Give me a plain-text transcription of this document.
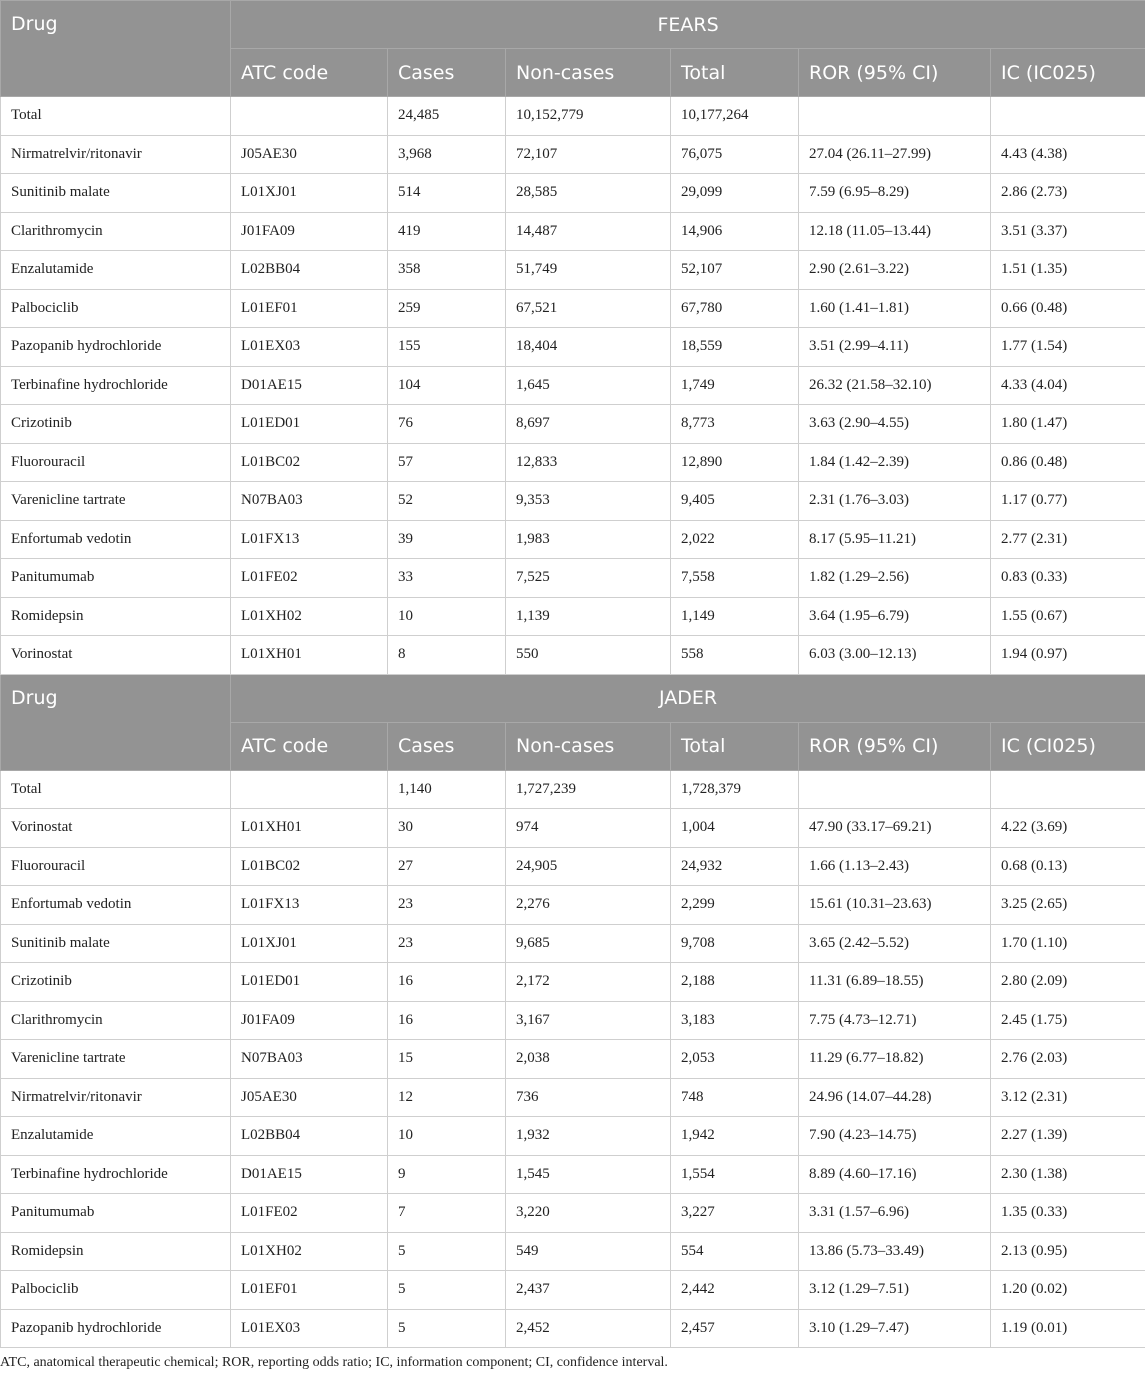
Drug	FEARS					
	ATC code	Cases	Non-cases	Total	ROR (95% CI)	IC (IC025)
Total		24,485	10,152,779	10,177,264		
Nirmatrelvir/ritonavir	J05AE30	3,968	72,107	76,075	27.04 (26.11–27.99)	4.43 (4.38)
Sunitinib malate	L01XJ01	514	28,585	29,099	7.59 (6.95–8.29)	2.86 (2.73)
Clarithromycin	J01FA09	419	14,487	14,906	12.18 (11.05–13.44)	3.51 (3.37)
Enzalutamide	L02BB04	358	51,749	52,107	2.90 (2.61–3.22)	1.51 (1.35)
Palbociclib	L01EF01	259	67,521	67,780	1.60 (1.41–1.81)	0.66 (0.48)
Pazopanib hydrochloride	L01EX03	155	18,404	18,559	3.51 (2.99–4.11)	1.77 (1.54)
Terbinafine hydrochloride	D01AE15	104	1,645	1,749	26.32 (21.58–32.10)	4.33 (4.04)
Crizotinib	L01ED01	76	8,697	8,773	3.63 (2.90–4.55)	1.80 (1.47)
Fluorouracil	L01BC02	57	12,833	12,890	1.84 (1.42–2.39)	0.86 (0.48)
Varenicline tartrate	N07BA03	52	9,353	9,405	2.31 (1.76–3.03)	1.17 (0.77)
Enfortumab vedotin	L01FX13	39	1,983	2,022	8.17 (5.95–11.21)	2.77 (2.31)
Panitumumab	L01FE02	33	7,525	7,558	1.82 (1.29–2.56)	0.83 (0.33)
Romidepsin	L01XH02	10	1,139	1,149	3.64 (1.95–6.79)	1.55 (0.67)
Vorinostat	L01XH01	8	550	558	6.03 (3.00–12.13)	1.94 (0.97)
Drug	JADER					
	ATC code	Cases	Non-cases	Total	ROR (95% CI)	IC (CI025)
Total		1,140	1,727,239	1,728,379		
Vorinostat	L01XH01	30	974	1,004	47.90 (33.17–69.21)	4.22 (3.69)
Fluorouracil	L01BC02	27	24,905	24,932	1.66 (1.13–2.43)	0.68 (0.13)
Enfortumab vedotin	L01FX13	23	2,276	2,299	15.61 (10.31–23.63)	3.25 (2.65)
Sunitinib malate	L01XJ01	23	9,685	9,708	3.65 (2.42–5.52)	1.70 (1.10)
Crizotinib	L01ED01	16	2,172	2,188	11.31 (6.89–18.55)	2.80 (2.09)
Clarithromycin	J01FA09	16	3,167	3,183	7.75 (4.73–12.71)	2.45 (1.75)
Varenicline tartrate	N07BA03	15	2,038	2,053	11.29 (6.77–18.82)	2.76 (2.03)
Nirmatrelvir/ritonavir	J05AE30	12	736	748	24.96 (14.07–44.28)	3.12 (2.31)
Enzalutamide	L02BB04	10	1,932	1,942	7.90 (4.23–14.75)	2.27 (1.39)
Terbinafine hydrochloride	D01AE15	9	1,545	1,554	8.89 (4.60–17.16)	2.30 (1.38)
Panitumumab	L01FE02	7	3,220	3,227	3.31 (1.57–6.96)	1.35 (0.33)
Romidepsin	L01XH02	5	549	554	13.86 (5.73–33.49)	2.13 (0.95)
Palbociclib	L01EF01	5	2,437	2,442	3.12 (1.29–7.51)	1.20 (0.02)
Pazopanib hydrochloride	L01EX03	5	2,452	2,457	3.10 (1.29–7.47)	1.19 (0.01)
ATC, anatomical therapeutic chemical; ROR, reporting odds ratio; IC, information component; CI, confidence interval.
